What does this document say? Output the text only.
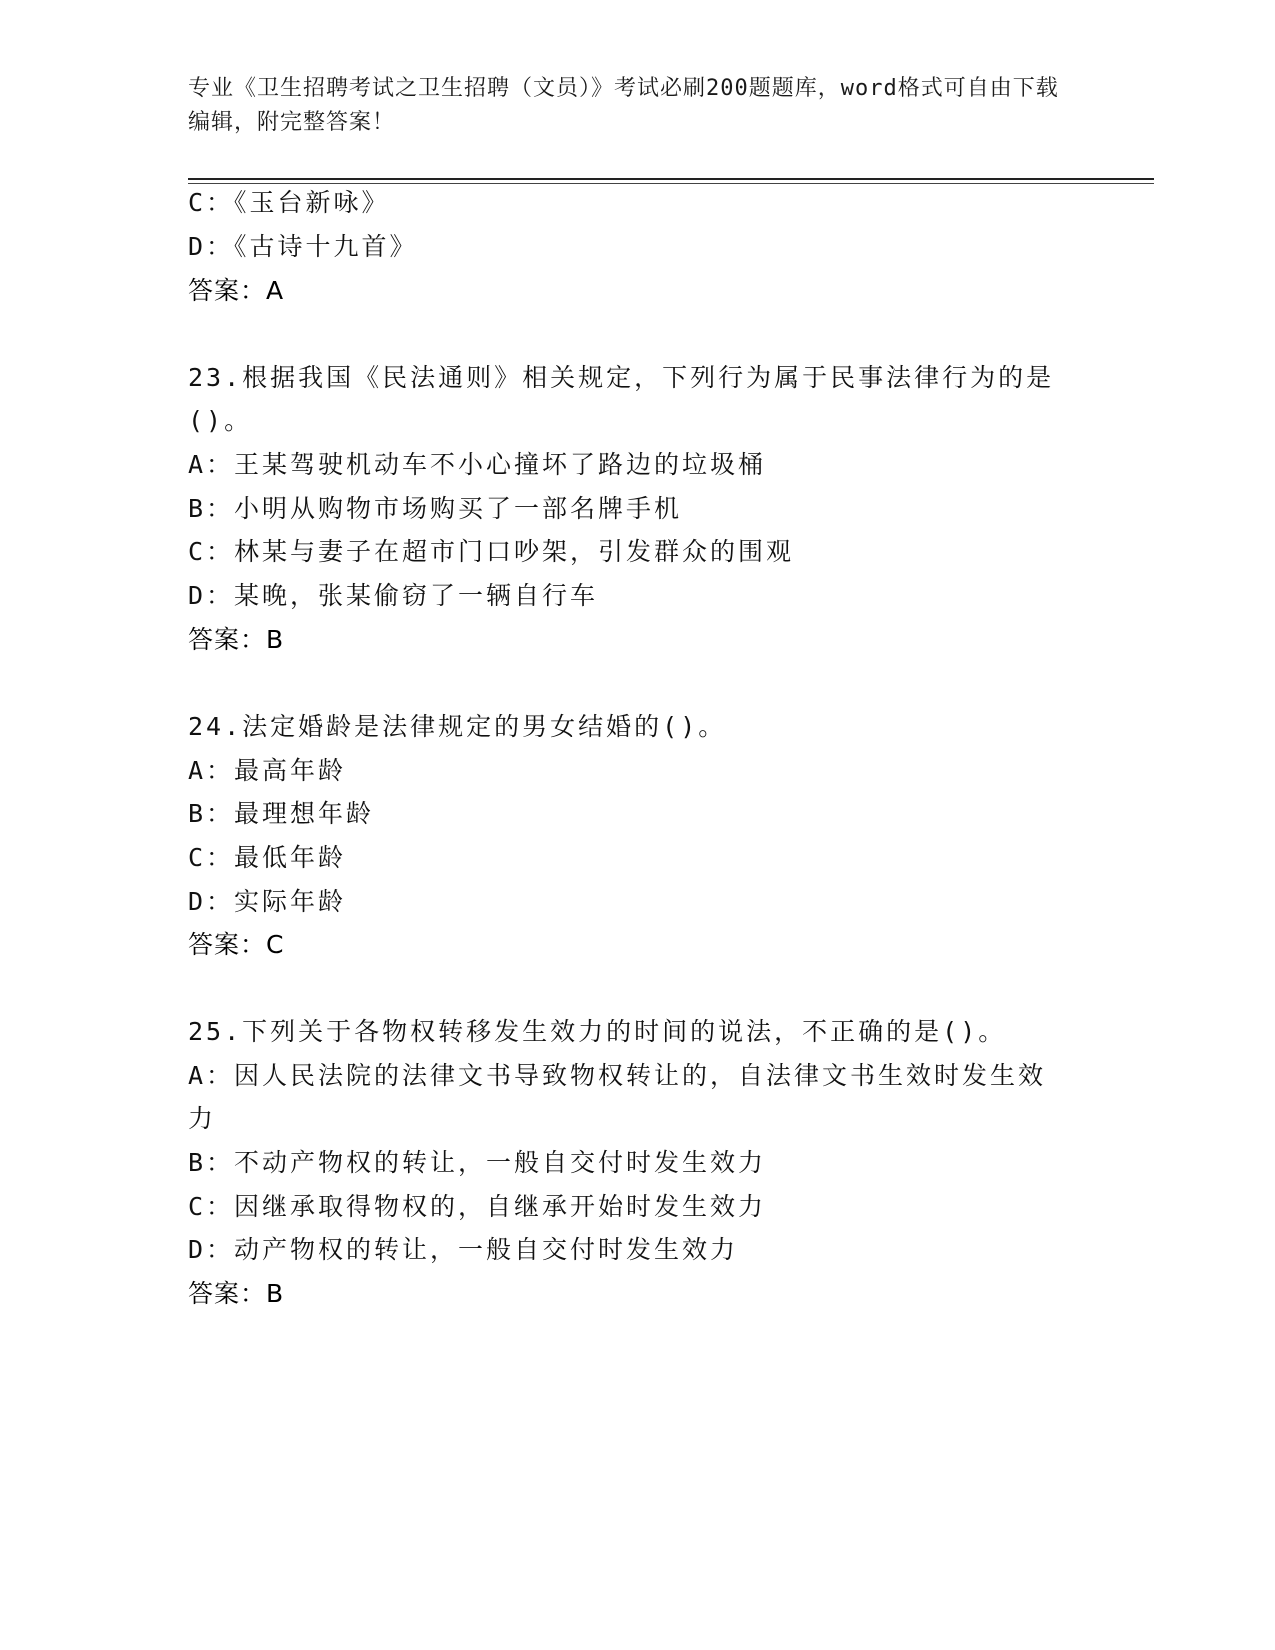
专业《卫生招聘考试之卫生招聘（文员）》考试必刷200题题库，word格式可自由下载编辑，附完整答案！
C：《玉台新咏》
D：《古诗十九首》
答案：A
23.根据我国《民法通则》相关规定，下列行为属于民事法律行为的是
()。
A：王某驾驶机动车不小心撞坏了路边的垃圾桶
B：小明从购物市场购买了一部名牌手机
C：林某与妻子在超市门口吵架，引发群众的围观
D：某晚，张某偷窃了一辆自行车
答案：B
24.法定婚龄是法律规定的男女结婚的()。
A：最高年龄
B：最理想年龄
C：最低年龄
D：实际年龄
答案：C
25.下列关于各物权转移发生效力的时间的说法，不正确的是()。
A：因人民法院的法律文书导致物权转让的，自法律文书生效时发生效
力
B：不动产物权的转让，一般自交付时发生效力
C：因继承取得物权的，自继承开始时发生效力
D：动产物权的转让，一般自交付时发生效力
答案：B
